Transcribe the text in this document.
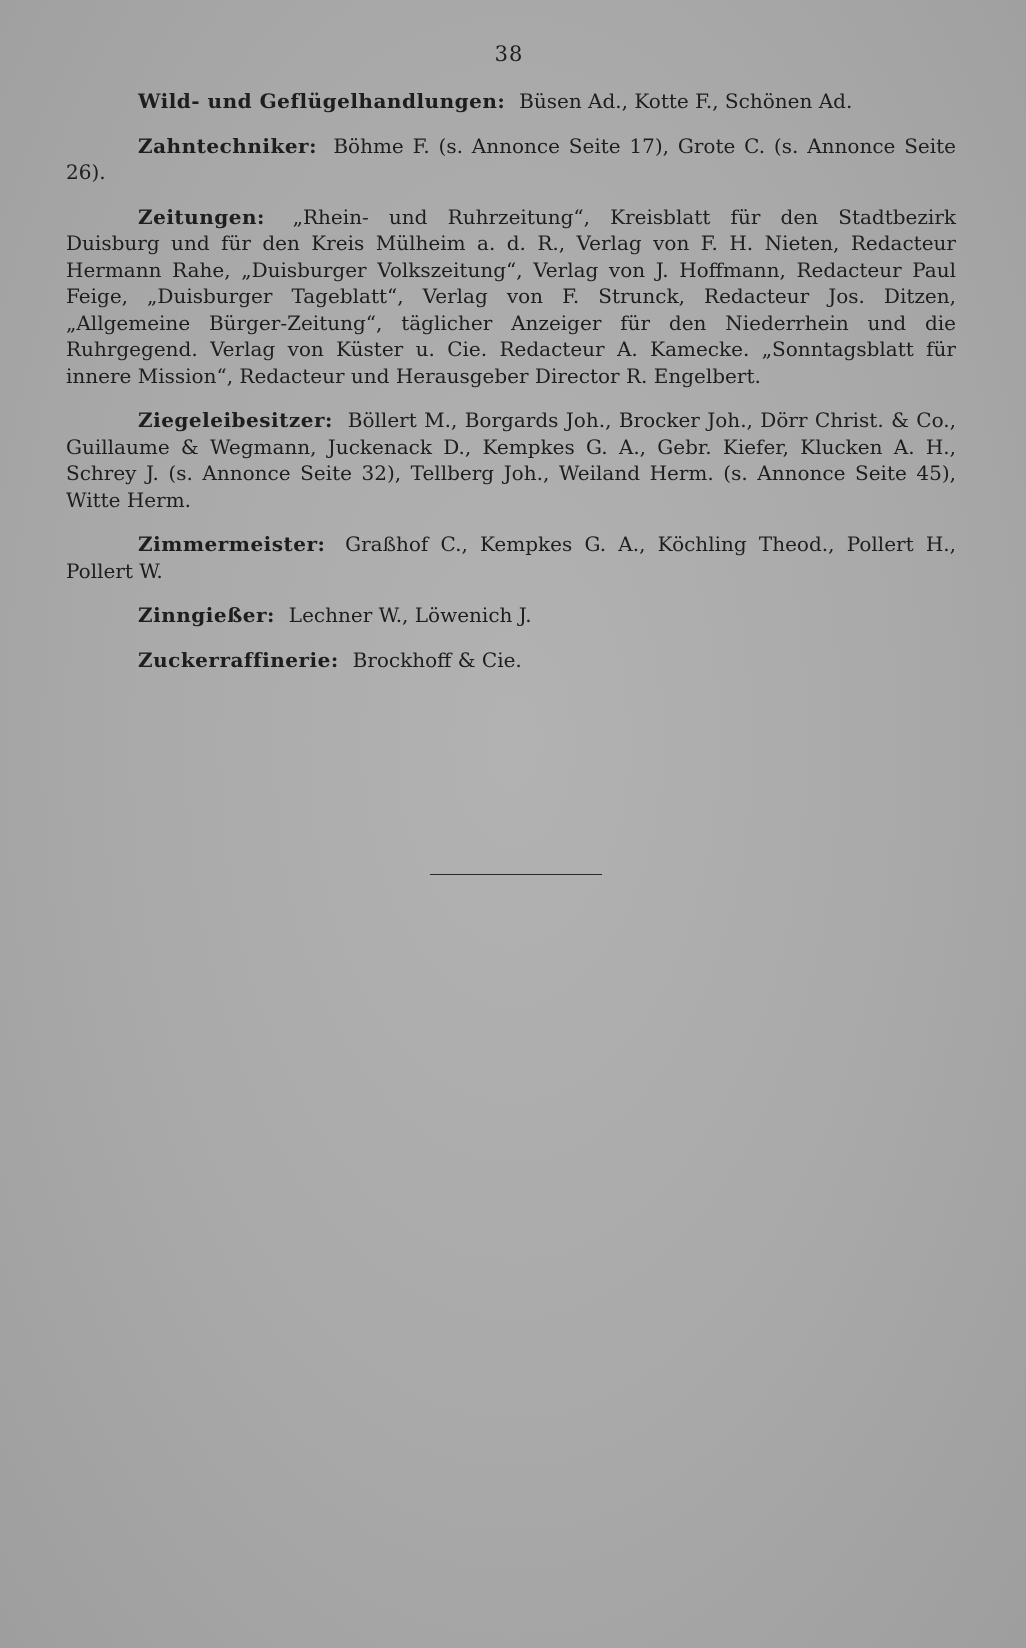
38

Wild- und Geflügelhandlungen: Büsen Ad., Kotte F., Schönen Ad.

Zahntechniker: Böhme F. (s. Annonce Seite 17), Grote C. (s. Annonce Seite 26).

Zeitungen: „Rhein- und Ruhrzeitung“, Kreisblatt für den Stadtbezirk Duisburg und für den Kreis Mülheim a. d. R., Verlag von F. H. Nieten, Redacteur Hermann Rahe, „Duisburger Volkszeitung“, Verlag von J. Hoffmann, Redacteur Paul Feige, „Duisburger Tageblatt“, Verlag von F. Strunck, Redacteur Jos. Ditzen, „Allgemeine Bürger-Zeitung“, täglicher Anzeiger für den Niederrhein und die Ruhrgegend. Verlag von Küster u. Cie. Redacteur A. Kamecke. „Sonntagsblatt für innere Mission“, Redacteur und Herausgeber Director R. Engelbert.

Ziegeleibesitzer: Böllert M., Borgards Joh., Brocker Joh., Dörr Christ. & Co., Guillaume & Wegmann, Juckenack D., Kempkes G. A., Gebr. Kiefer, Klucken A. H., Schrey J. (s. Annonce Seite 32), Tellberg Joh., Weiland Herm. (s. Annonce Seite 45), Witte Herm.

Zimmermeister: Graßhof C., Kempkes G. A., Köchling Theod., Pollert H., Pollert W.

Zinngießer: Lechner W., Löwenich J.

Zuckerraffinerie: Brockhoff & Cie.
